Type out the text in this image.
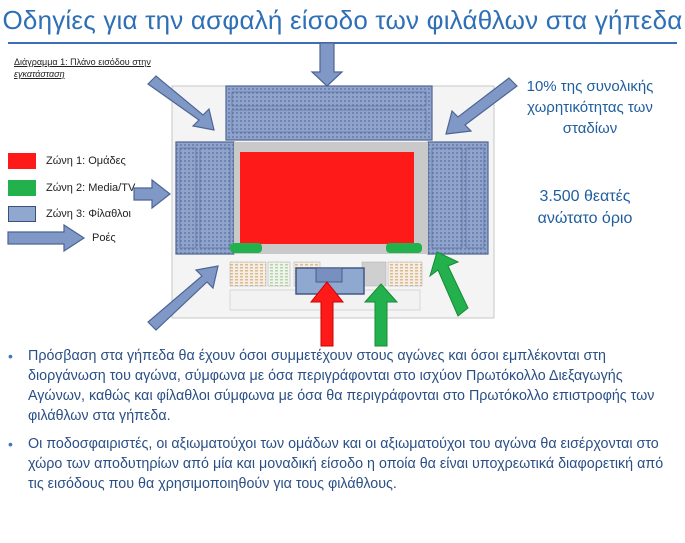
Οδηγίες για την ασφαλή είσοδο των φιλάθλων στα γήπεδα
Διάγραμμα 1: Πλάνο εισόδου στην
εγκατάσταση
Ζώνη 1: Ομάδες
Ζώνη 2: Media/TV
Ζώνη 3: Φίλαθλοι
Ροές
10% της συνολικής
χωρητικότητας των
σταδίων
3.500 θεατές
ανώτατο όριο
• Πρόσβαση στα γήπεδα θα έχουν όσοι συμμετέχουν στους αγώνες και όσοι εμπλέκονται στη διοργάνωση του αγώνα, σύμφωνα με όσα περιγράφονται στο ισχύον Πρωτόκολλο Διεξαγωγής Αγώνων, καθώς και φίλαθλοι σύμφωνα με όσα θα περιγράφονται στο Πρωτόκολλο επιστροφής των φιλάθλων στα γήπεδα.
• Οι ποδοσφαιριστές, οι αξιωματούχοι των ομάδων και οι αξιωματούχοι του αγώνα θα εισέρχονται στο χώρο των αποδυτηρίων από μία και μοναδική είσοδο η οποία θα είναι υποχρεωτικά διαφορετική από τις εισόδους που θα χρησιμοποιηθούν για τους φιλάθλους.
